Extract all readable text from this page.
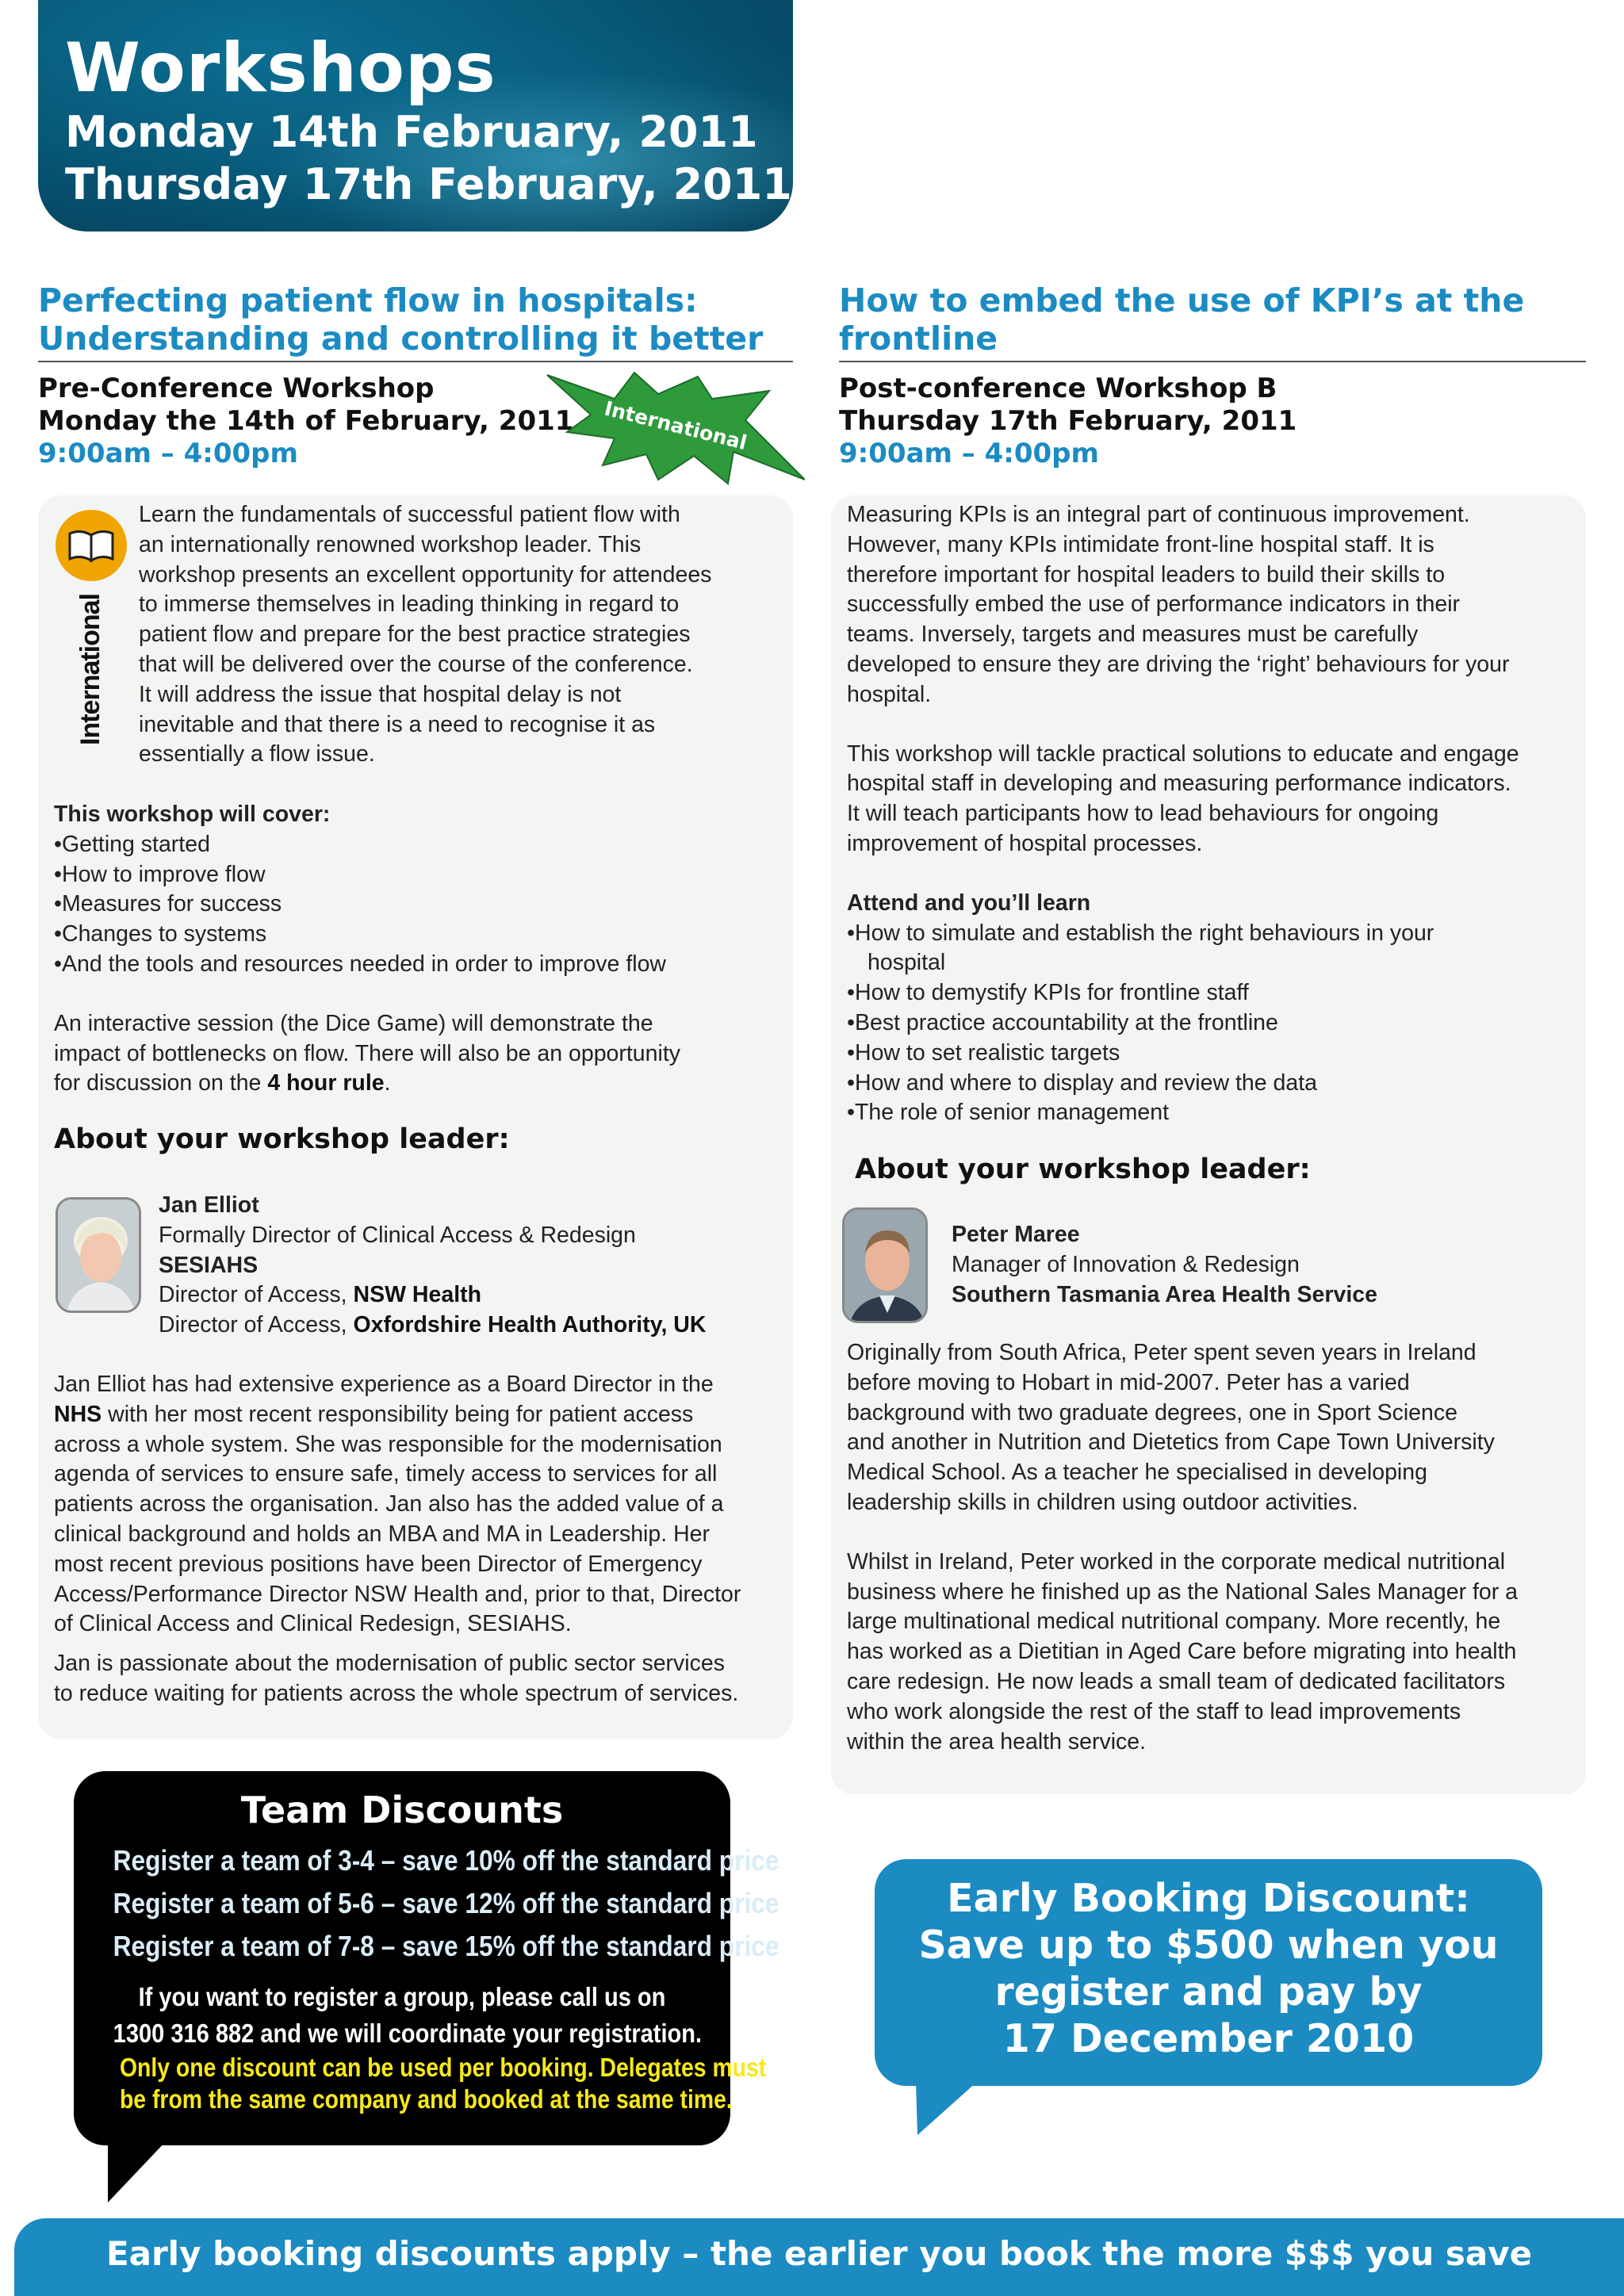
Workshops
Monday 14th February, 2011
Thursday 17th February, 2011
Perfecting patient flow in hospitals:
Understanding and controlling it better
Pre-Conference Workshop
Monday the 14th of February, 2011
9:00am – 4:00pm	International
International

Learn the fundamentals of successful patient flow with

an internationally renowned workshop leader. This

workshop presents an excellent opportunity for attendees

to immerse themselves in leading thinking in regard to

patient flow and prepare for the best practice strategies

that will be delivered over the course of the conference.

It will address the issue that hospital delay is not

inevitable and that there is a need to recognise it as

essentially a flow issue.

This workshop will cover:

• Getting started

• How to improve flow

• Measures for success

• Changes to systems

• And the tools and resources needed in order to improve flow

An interactive session (the Dice Game) will demonstrate the

impact of bottlenecks on flow. There will also be an opportunity

for discussion on the 4 hour rule.

About your workshop leader:

Jan Elliot

Formally Director of Clinical Access & Redesign

SESIAHS

Director of Access, NSW Health

Director of Access, Oxfordshire Health Authority, UK

Jan Elliot has had extensive experience as a Board Director in the

NHS with her most recent responsibility being for patient access

across a whole system. She was responsible for the modernisation

agenda of services to ensure safe, timely access to services for all

patients across the organisation. Jan also has the added value of a

clinical background and holds an MBA and MA in Leadership. Her

most recent previous positions have been Director of Emergency

Access/Performance Director NSW Health and, prior to that, Director

of Clinical Access and Clinical Redesign, SESIAHS.

Jan is passionate about the modernisation of public sector services

to reduce waiting for patients across the whole spectrum of services.

How to embed the use of KPI’s at the
frontline
Post-conference Workshop B
Thursday 17th February, 2011
9:00am – 4:00pm

Measuring KPIs is an integral part of continuous improvement.

However, many KPIs intimidate front-line hospital staff. It is

therefore important for hospital leaders to build their skills to

successfully embed the use of performance indicators in their

teams. Inversely, targets and measures must be carefully

developed to ensure they are driving the ‘right’ behaviours for your

hospital.

This workshop will tackle practical solutions to educate and engage

hospital staff in developing and measuring performance indicators.

It will teach participants how to lead behaviours for ongoing

improvement of hospital processes.

Attend and you’ll learn

• How to simulate and establish the right behaviours in your

hospital

• How to demystify KPIs for frontline staff

• Best practice accountability at the frontline

• How to set realistic targets

• How and where to display and review the data

• The role of senior management

About your workshop leader:

Peter Maree

Manager of Innovation & Redesign

Southern Tasmania Area Health Service

Originally from South Africa, Peter spent seven years in Ireland

before moving to Hobart in mid-2007. Peter has a varied

background with two graduate degrees, one in Sport Science

and another in Nutrition and Dietetics from Cape Town University

Medical School. As a teacher he specialised in developing

leadership skills in children using outdoor activities.

Whilst in Ireland, Peter worked in the corporate medical nutritional

business where he finished up as the National Sales Manager for a

large multinational medical nutritional company. More recently, he

has worked as a Dietitian in Aged Care before migrating into health

care redesign. He now leads a small team of dedicated facilitators

who work alongside the rest of the staff to lead improvements

within the area health service.

Team Discounts
Register a team of 3-4 – save 10% off the standard price
Register a team of 5-6 – save 12% off the standard price
Register a team of 7-8 – save 15% off the standard price
If you want to register a group, please call us on
1300 316 882 and we will coordinate your registration.
Only one discount can be used per booking. Delegates must
be from the same company and booked at the same time.
Early Booking Discount:
Save up to $500 when you
register and pay by
17 December 2010
Early booking discounts apply – the earlier you book the more $$$ you save
